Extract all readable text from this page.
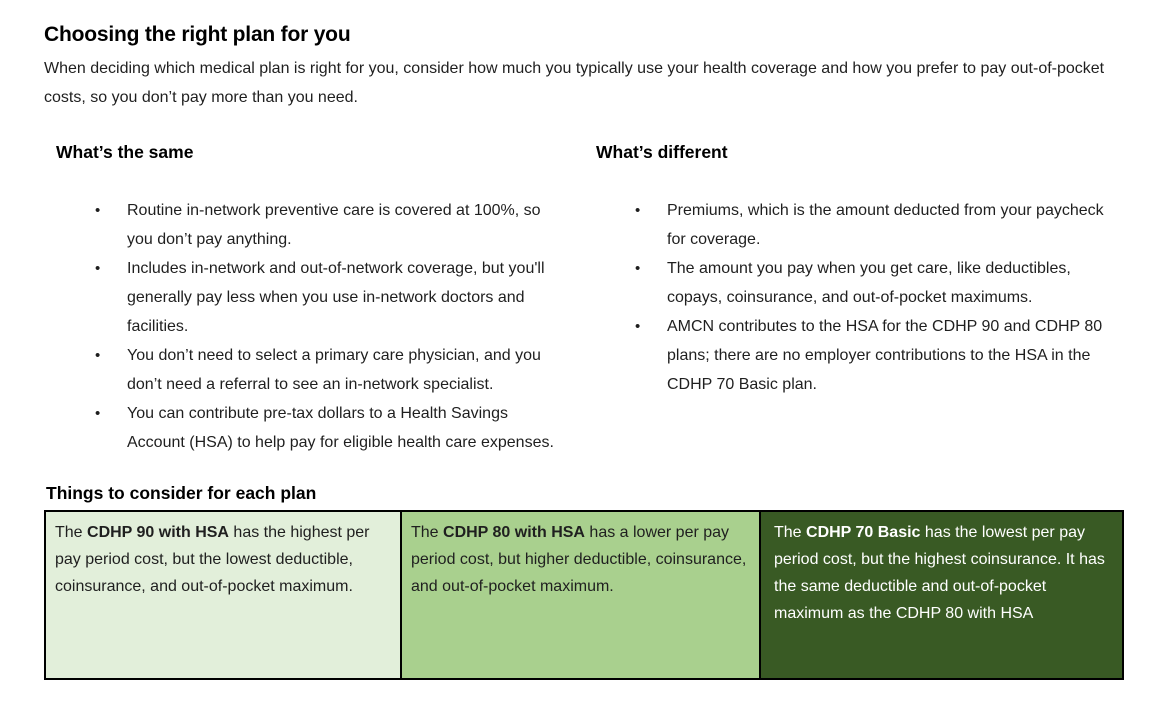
Choosing the right plan for you

When deciding which medical plan is right for you, consider how much you typically use your health coverage and how you prefer to pay out-of-pocket costs, so you don’t pay more than you need.

What’s the same
• Routine in-network preventive care is covered at 100%, so you don’t pay anything.
• Includes in-network and out-of-network coverage, but you'll generally pay less when you use in-network doctors and facilities.
• You don’t need to select a primary care physician, and you don’t need a referral to see an in-network specialist.
• You can contribute pre-tax dollars to a Health Savings Account (HSA) to help pay for eligible health care expenses.
What’s different
• Premiums, which is the amount deducted from your paycheck for coverage.
• The amount you pay when you get care, like deductibles, copays, coinsurance, and out-of-pocket maximums.
• AMCN contributes to the HSA for the CDHP 90 and CDHP 80 plans; there are no employer contributions to the HSA in the CDHP 70 Basic plan.
Things to consider for each plan
The CDHP 90 with HSA has the highest per pay period cost, but the lowest deductible, coinsurance, and out-of-pocket maximum.
The CDHP 80 with HSA has a lower per pay period cost, but higher deductible, coinsurance, and out-of-pocket maximum.
The CDHP 70 Basic has the lowest per pay period cost, but the highest coinsurance. It has the same deductible and out-of-pocket maximum as the CDHP 80 with HSA
